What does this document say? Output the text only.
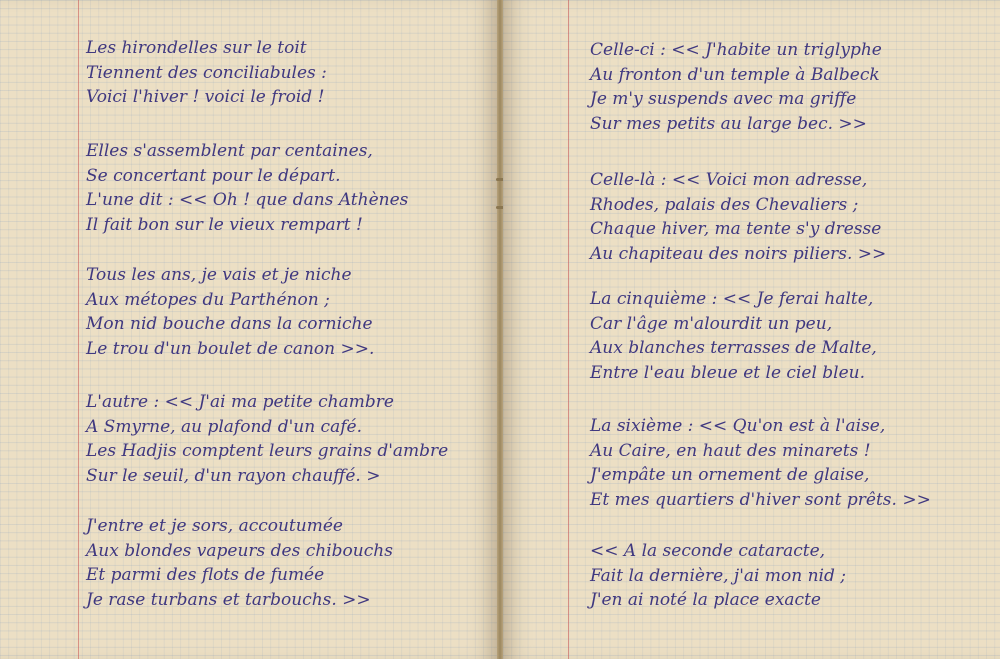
Les hirondelles sur le toit
Tiennent des conciliabules :
Voici l'hiver ! voici le froid !
Elles s'assemblent par centaines,
Se concertant pour le départ.
L'une dit : << Oh ! que dans Athènes
Il fait bon sur le vieux rempart !
Tous les ans, je vais et je niche
Aux métopes du Parthénon ;
Mon nid bouche dans la corniche
Le trou d'un boulet de canon >>.
L'autre : << J'ai ma petite chambre
A Smyrne, au plafond d'un café.
Les Hadjis comptent leurs grains d'ambre
Sur le seuil, d'un rayon chauffé. >
J'entre et je sors, accoutumée
Aux blondes vapeurs des chibouchs
Et parmi des flots de fumée
Je rase turbans et tarbouchs. >>
Celle-ci : << J'habite un triglyphe
Au fronton d'un temple à Balbeck
Je m'y suspends avec ma griffe
Sur mes petits au large bec. >>
Celle-là : << Voici mon adresse,
Rhodes, palais des Chevaliers ;
Chaque hiver, ma tente s'y dresse
Au chapiteau des noirs piliers. >>
La cinquième : << Je ferai halte,
Car l'âge m'alourdit un peu,
Aux blanches terrasses de Malte,
Entre l'eau bleue et le ciel bleu.
La sixième : << Qu'on est à l'aise,
Au Caire, en haut des minarets !
J'empâte un ornement de glaise,
Et mes quartiers d'hiver sont prêts. >>
<< A la seconde cataracte,
Fait la dernière, j'ai mon nid ;
J'en ai noté la place exacte
